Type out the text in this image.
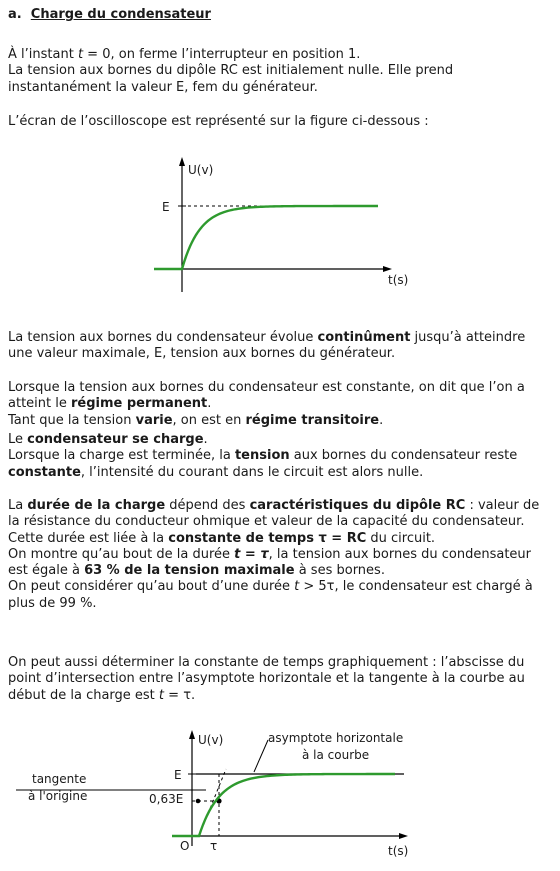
a. Charge du condensateur
À l’instant t = 0, on ferme l’interrupteur en position 1.
La tension aux bornes du dipôle RC est initialement nulle. Elle prend instantanément la valeur E, fem du générateur.
L’écran de l’oscilloscope est représenté sur la figure ci-dessous :
U(v)
t(s)
E
La tension aux bornes du condensateur évolue continûment jusqu’à atteindre une valeur maximale, E, tension aux bornes du générateur.
Lorsque la tension aux bornes du condensateur est constante, on dit que l’on a atteint le régime permanent.
Tant que la tension varie, on est en régime transitoire.
Le condensateur se charge.
Lorsque la charge est terminée, la tension aux bornes du condensateur reste constante, l’intensité du courant dans le circuit est alors nulle.
La durée de la charge dépend des caractéristiques du dipôle RC : valeur de la résistance du conducteur ohmique et valeur de la capacité du condensateur.
Cette durée est liée à la constante de temps τ = RC du circuit.
On montre qu’au bout de la durée t = τ, la tension aux bornes du condensateur est égale à 63 % de la tension maximale à ses bornes.
On peut considérer qu’au bout d’une durée t > 5τ, le condensateur est chargé à plus de 99 %.
On peut aussi déterminer la constante de temps graphiquement : l’abscisse du point d’intersection entre l’asymptote horizontale et la tangente à la courbe au début de la charge est t = τ.
U(v)
t(s)
E
0,63E
O τ
tangente
à l'origine
asymptote horizontale
à la courbe
